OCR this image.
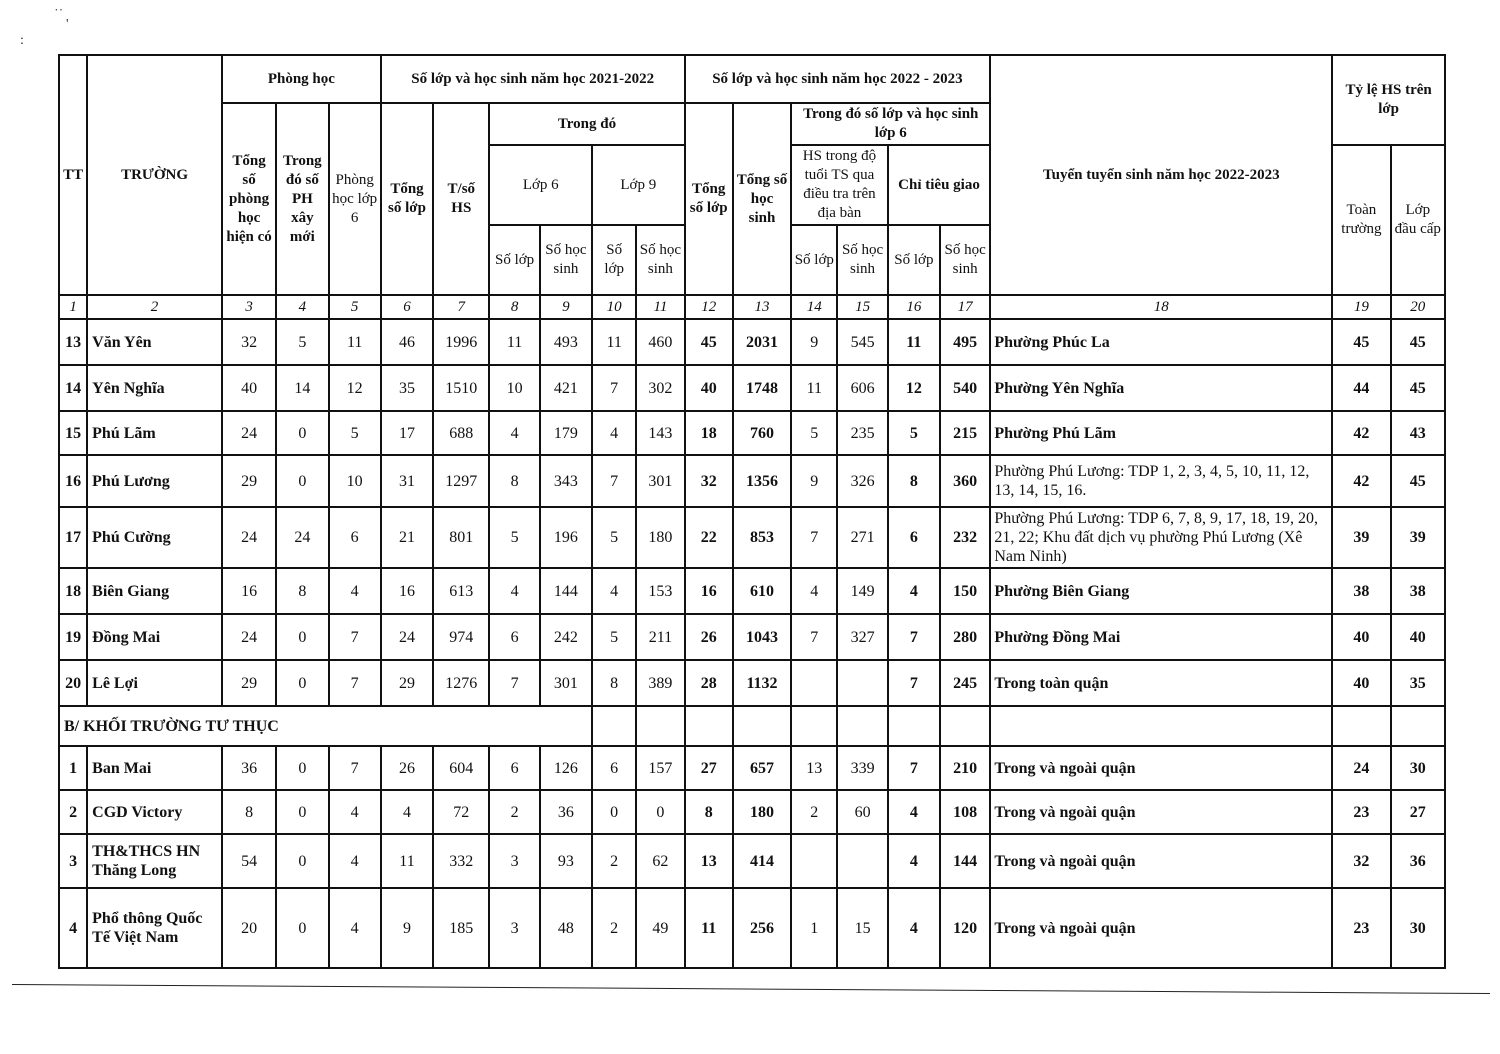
˙˙
'
:
TT	TRƯỜNG	Phòng học			Số lớp và học sinh năm học 2021-2022						Số lớp và học sinh năm học 2022 - 2023						Tuyển tuyển sinh năm học 2022-2023	Tỷ lệ HS trên lớp	
		Tổng số phòng học hiện có	Trong đó số PH xây mới	Phòng học lớp 6	Tổng số lớp	T/số HS	Trong đó				Tổng số lớp	Tổng số học sinh	Trong đó số lớp và học sinh lớp 6						
							Lớp 6		Lớp 9				HS trong độ tuổi TS qua điều tra trên địa bàn		Chỉ tiêu giao			Toàn trường	Lớp đầu cấp
							Số lớp	Số học sinh	Số lớp	Số học sinh			Số lớp	Số học sinh	Số lớp	Số học sinh			
1	2	3	4	5	6	7	8	9	10	11	12	13	14	15	16	17	18	19	20
13	Văn Yên	32	5	11	46	1996	11	493	11	460	45	2031	9	545	11	495	Phường Phúc La	45	45
14	Yên Nghĩa	40	14	12	35	1510	10	421	7	302	40	1748	11	606	12	540	Phường Yên Nghĩa	44	45
15	Phú Lãm	24	0	5	17	688	4	179	4	143	18	760	5	235	5	215	Phường Phú Lãm	42	43
16	Phú Lương	29	0	10	31	1297	8	343	7	301	32	1356	9	326	8	360	Phường Phú Lương: TDP 1, 2, 3, 4, 5, 10, 11, 12, 13, 14, 15, 16.	42	45
17	Phú Cường	24	24	6	21	801	5	196	5	180	22	853	7	271	6	232	Phường Phú Lương: TDP 6, 7, 8, 9, 17, 18, 19, 20, 21, 22; Khu đất dịch vụ phường Phú Lương (Xê Nam Ninh)	39	39
18	Biên Giang	16	8	4	16	613	4	144	4	153	16	610	4	149	4	150	Phường Biên Giang	38	38
19	Đồng Mai	24	0	7	24	974	6	242	5	211	26	1043	7	327	7	280	Phường Đồng Mai	40	40
20	Lê Lợi	29	0	7	29	1276	7	301	8	389	28	1132			7	245	Trong toàn quận	40	35
B/ KHỐI TRƯỜNG TƯ THỤC																			
1	Ban Mai	36	0	7	26	604	6	126	6	157	27	657	13	339	7	210	Trong và ngoài quận	24	30
2	CGD Victory	8	0	4	4	72	2	36	0	0	8	180	2	60	4	108	Trong và ngoài quận	23	27
3	TH&THCS HN Thăng Long	54	0	4	11	332	3	93	2	62	13	414			4	144	Trong và ngoài quận	32	36
4	Phổ thông Quốc Tế Việt Nam	20	0	4	9	185	3	48	2	49	11	256	1	15	4	120	Trong và ngoài quận	23	30
